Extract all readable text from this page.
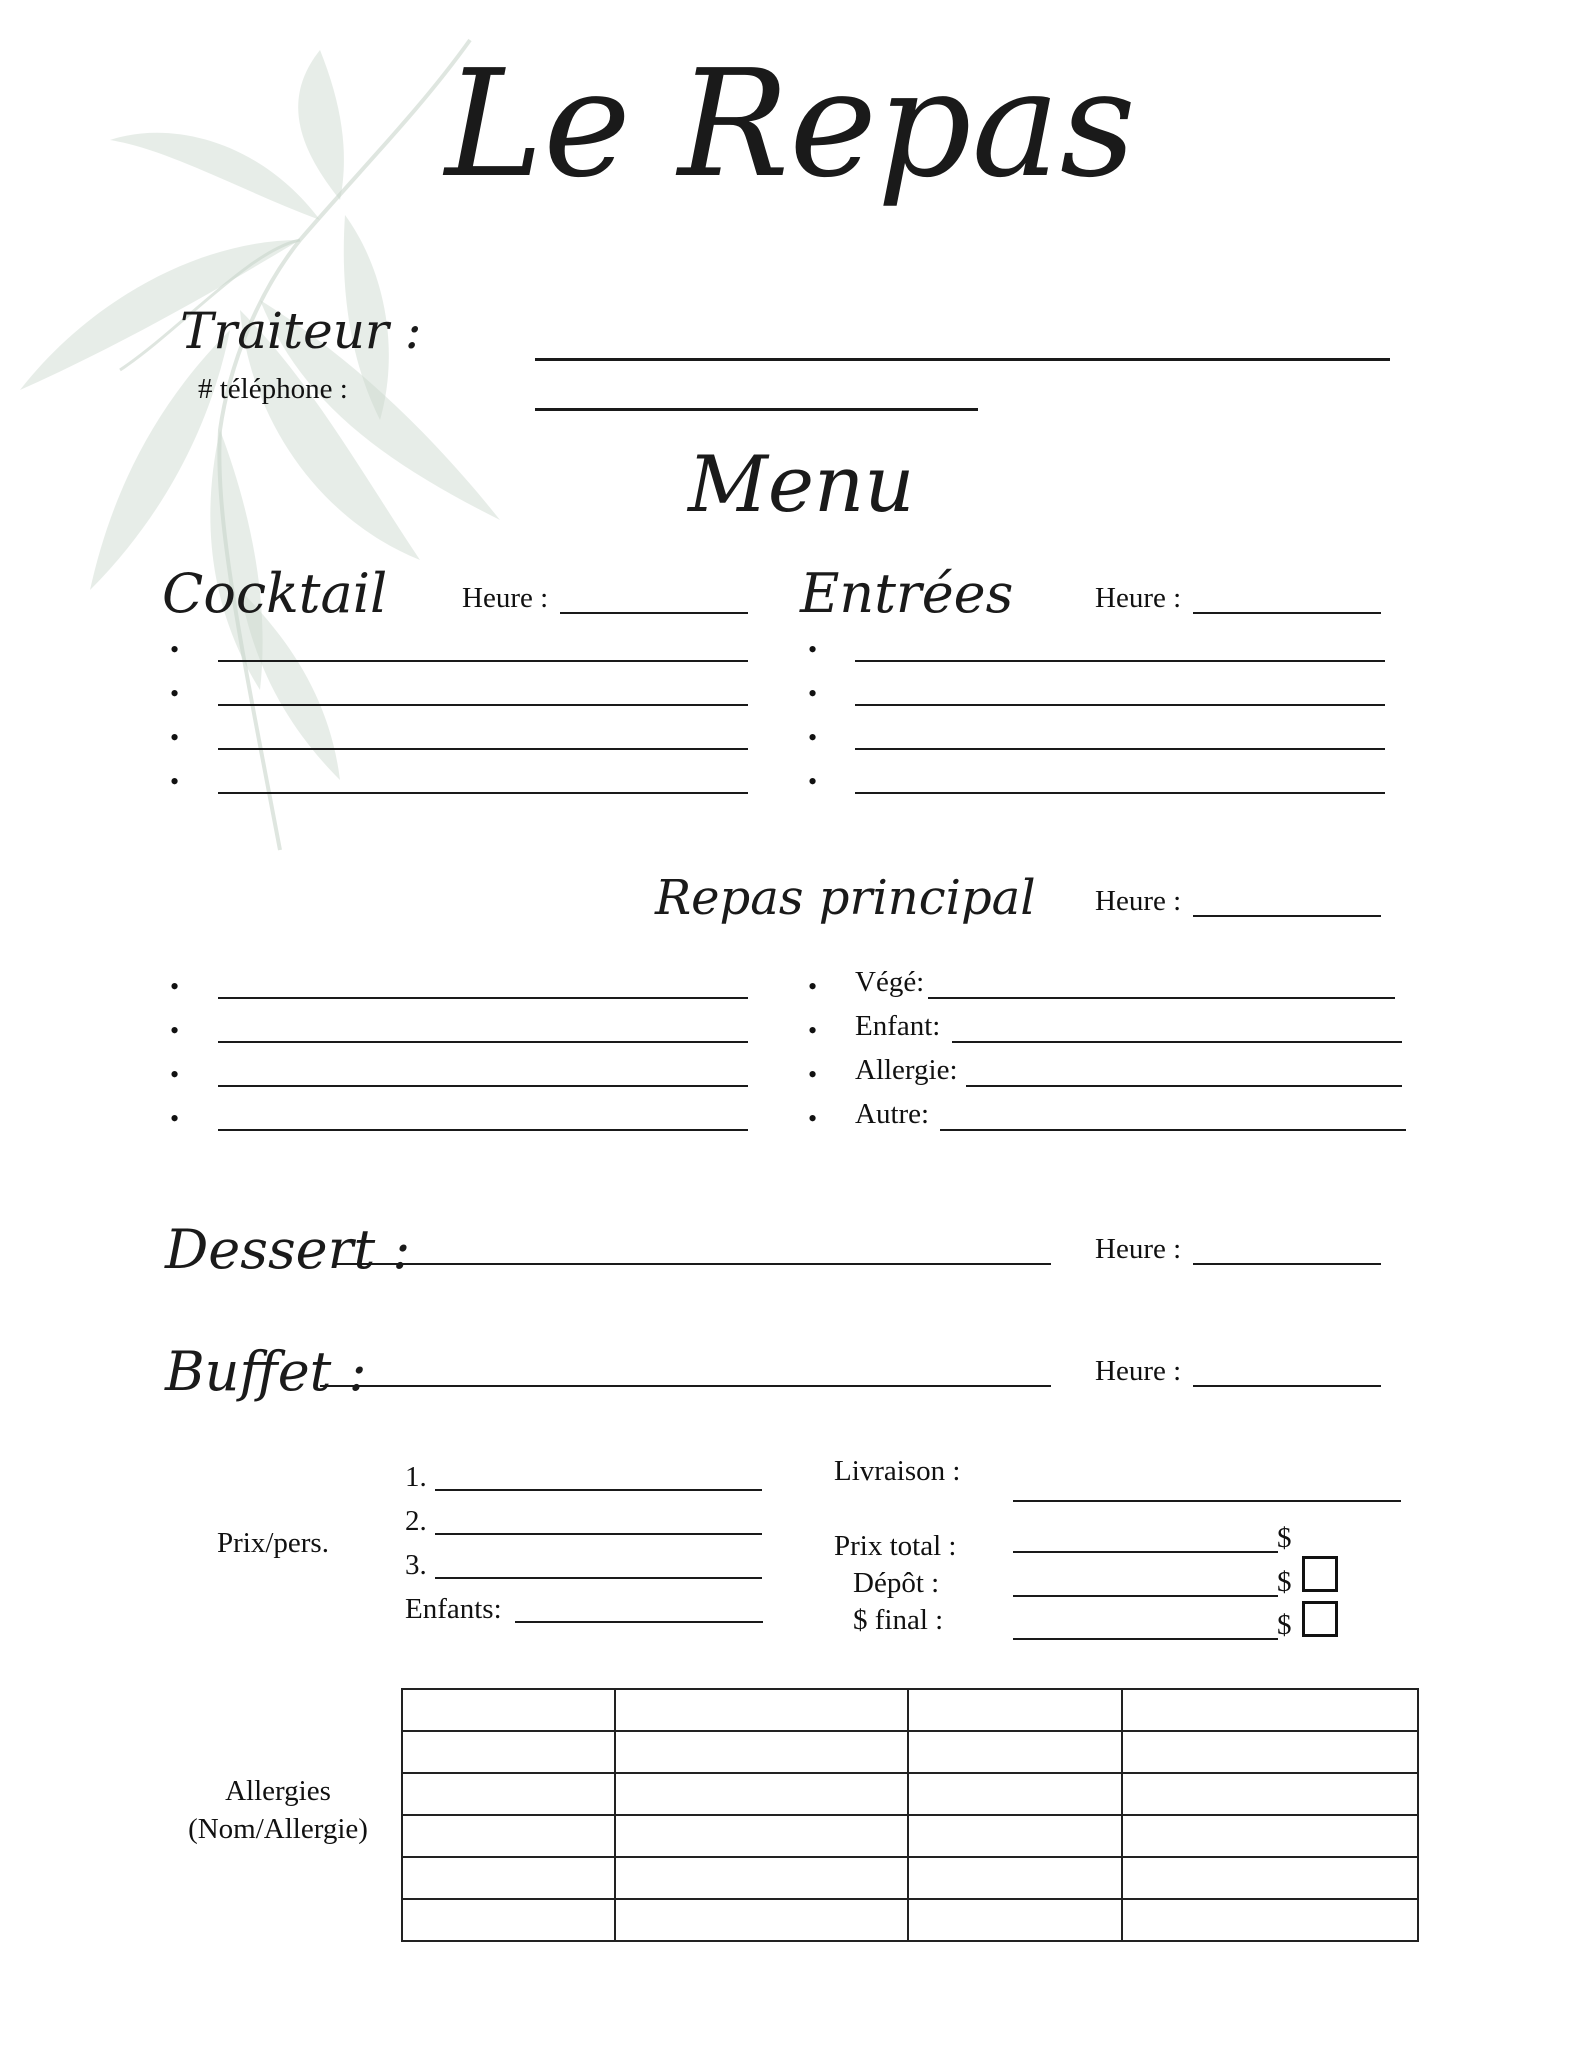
Le Repas
Traiteur :
# téléphone :
Menu
Cocktail	Heure :	Entrées	Heure :
•
•
•
•
•
•
•
•
Repas principal Heure :
•
•
•
•
• Végé:
• Enfant:
• Allergie:
• Autre:
Dessert :	Heure :
Buffet :	Heure :
Prix/pers.
1.
2.
3.
Enfants:
Livraison :
Prix total :	$
Dépôt :	$
$ final :	$
Allergies
(Nom/Allergie)
